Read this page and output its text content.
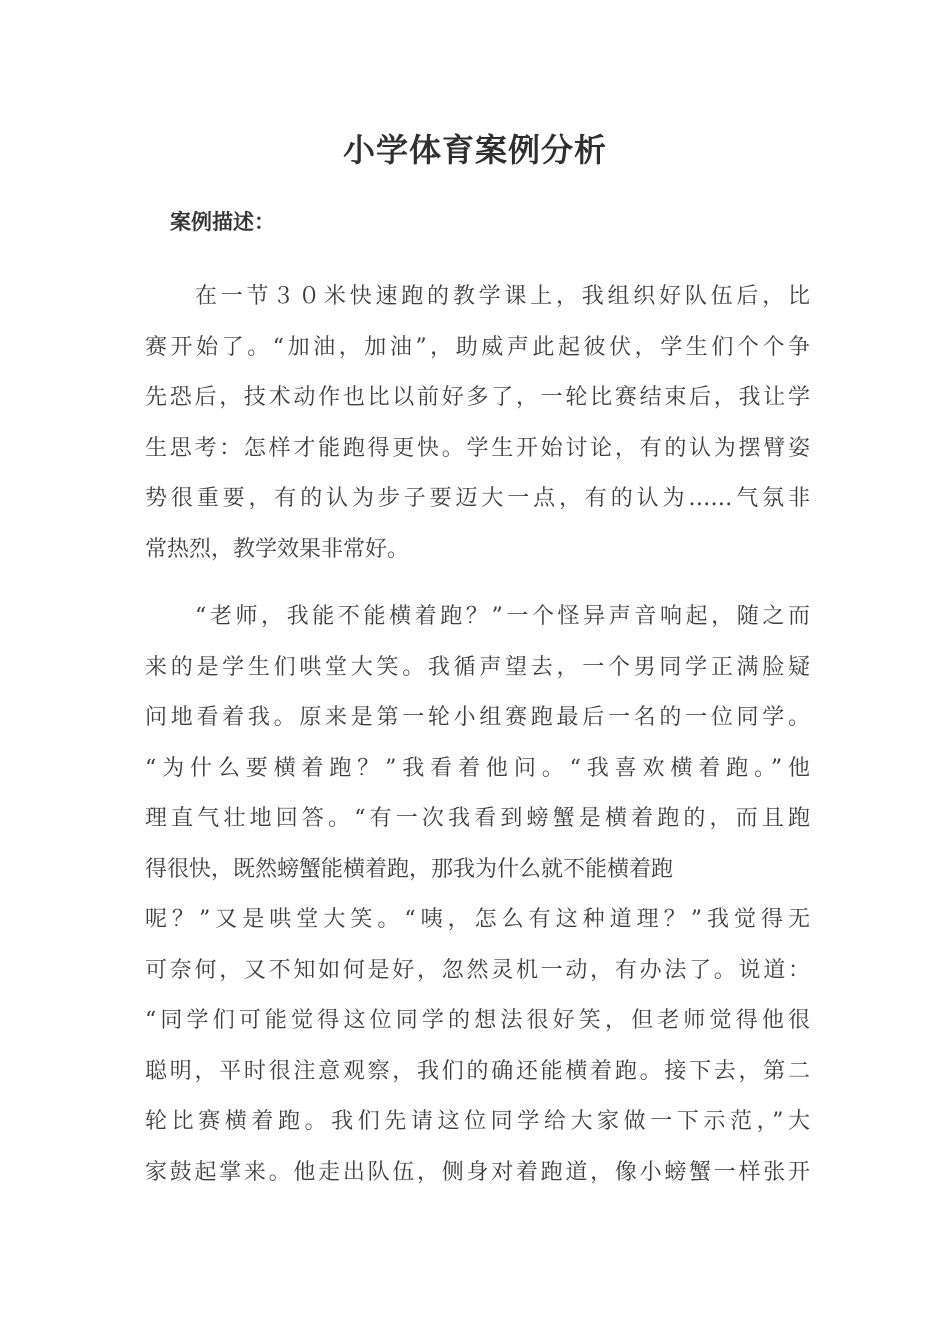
小学体育案例分析
案例描述：
在一节３０米快速跑的教学课上，我组织好队伍后，比
赛开始了。“加油，加油”，助威声此起彼伏，学生们个个争
先恐后，技术动作也比以前好多了，一轮比赛结束后，我让学
生思考：怎样才能跑得更快。学生开始讨论，有的认为摆臂姿
势很重要，有的认为步子要迈大一点，有的认为……气氛非
常热烈，教学效果非常好。
“老师，我能不能横着跑？”一个怪异声音响起，随之而
来的是学生们哄堂大笑。我循声望去，一个男同学正满脸疑
问地看着我。原来是第一轮小组赛跑最后一名的一位同学。
“为什么要横着跑？”我看着他问。“我喜欢横着跑。”他
理直气壮地回答。“有一次我看到螃蟹是横着跑的，而且跑
得很快，既然螃蟹能横着跑，那我为什么就不能横着跑
呢？”又是哄堂大笑。“咦，怎么有这种道理？”我觉得无
可奈何，又不知如何是好，忽然灵机一动，有办法了。说道：
“同学们可能觉得这位同学的想法很好笑，但老师觉得他很
聪明，平时很注意观察，我们的确还能横着跑。接下去，第二
轮比赛横着跑。我们先请这位同学给大家做一下示范，”大
家鼓起掌来。他走出队伍，侧身对着跑道，像小螃蟹一样张开
